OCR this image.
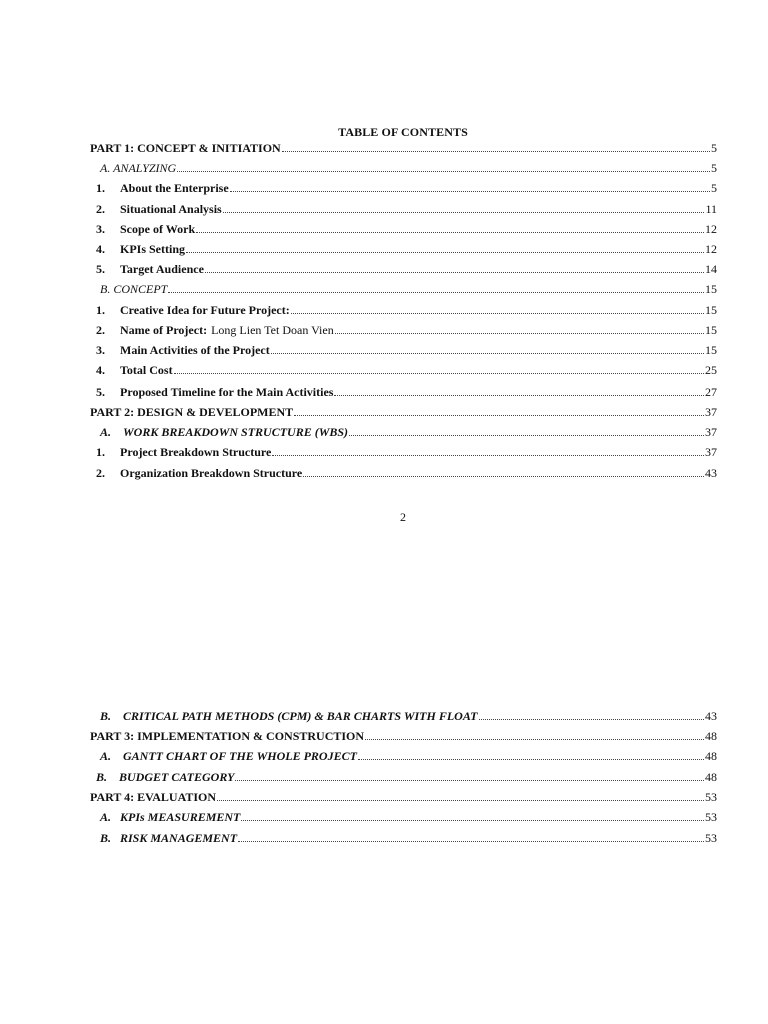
TABLE OF CONTENTS
PART 1: CONCEPT & INITIATION	5
A. ANALYZING	5
1.	About the Enterprise	5
2.	Situational Analysis	11
3.	Scope of Work	12
4.	KPIs Setting	12
5.	Target Audience	14
B. CONCEPT	15
1.	Creative Idea for Future Project:	15
2.	Name of Project: Long Lien Tet Doan Vien	15
3.	Main Activities of the Project	15
4.	Total Cost	25
5.	Proposed Timeline for the Main Activities	27
PART 2: DESIGN & DEVELOPMENT	37
A. WORK BREAKDOWN STRUCTURE (WBS)	37
1.	Project Breakdown Structure	37
2.	Organization Breakdown Structure	43
B. CRITICAL PATH METHODS (CPM) & BAR CHARTS WITH FLOAT	43
PART 3: IMPLEMENTATION & CONSTRUCTION	48
A. GANTT CHART OF THE WHOLE PROJECT	48
B. BUDGET CATEGORY	48
PART 4: EVALUATION	53
A. KPIs MEASUREMENT	53
B. RISK MANAGEMENT	53
2
